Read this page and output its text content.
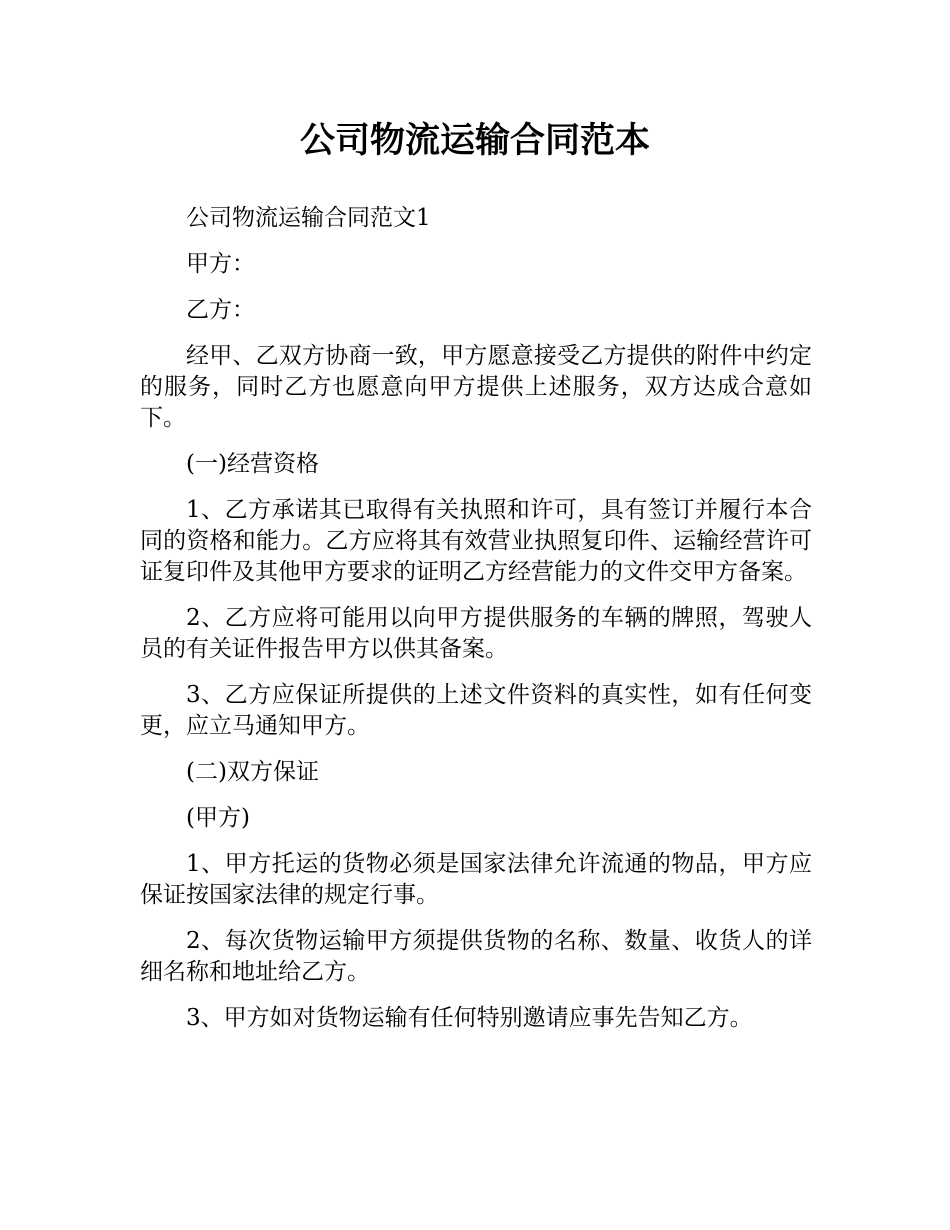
公司物流运输合同范本

公司物流运输合同范文1

甲方：

乙方：

经甲、乙双方协商一致，甲方愿意接受乙方提供的附件中约定的服务，同时乙方也愿意向甲方提供上述服务，双方达成合意如下。

(一)经营资格

1、乙方承诺其已取得有关执照和许可，具有签订并履行本合同的资格和能力。乙方应将其有效营业执照复印件、运输经营许可证复印件及其他甲方要求的证明乙方经营能力的文件交甲方备案。

2、乙方应将可能用以向甲方提供服务的车辆的牌照，驾驶人员的有关证件报告甲方以供其备案。

3、乙方应保证所提供的上述文件资料的真实性，如有任何变更，应立马通知甲方。

(二)双方保证

(甲方)

1、甲方托运的货物必须是国家法律允许流通的物品，甲方应保证按国家法律的规定行事。

2、每次货物运输甲方须提供货物的名称、数量、收货人的详细名称和地址给乙方。

3、甲方如对货物运输有任何特别邀请应事先告知乙方。
